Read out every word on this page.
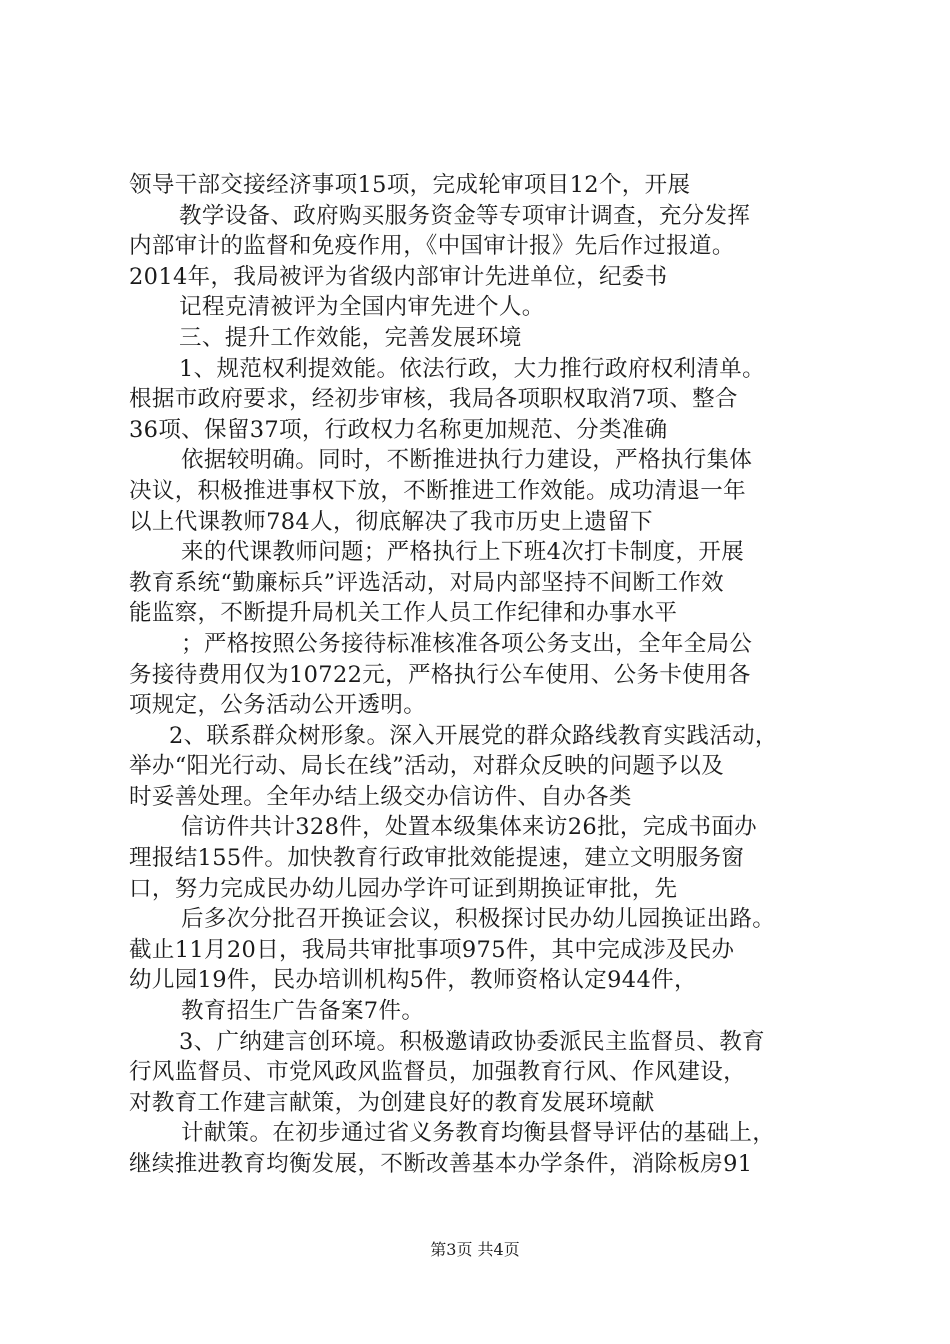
领导干部交接经济事项15项，完成轮审项目12个，开展
教学设备、政府购买服务资金等专项审计调查，充分发挥
内部审计的监督和免疫作用，《中国审计报》先后作过报道。
2014年，我局被评为省级内部审计先进单位，纪委书
记程克清被评为全国内审先进个人。
三、提升工作效能，完善发展环境
1、规范权利提效能。依法行政，大力推行政府权利清单。
根据市政府要求，经初步审核，我局各项职权取消7项、整合
36项、保留37项，行政权力名称更加规范、分类准确
依据较明确。同时，不断推进执行力建设，严格执行集体
决议，积极推进事权下放，不断推进工作效能。成功清退一年
以上代课教师784人，彻底解决了我市历史上遗留下
来的代课教师问题；严格执行上下班4次打卡制度，开展
教育系统“勤廉标兵”评选活动，对局内部坚持不间断工作效
能监察，不断提升局机关工作人员工作纪律和办事水平
；严格按照公务接待标准核准各项公务支出，全年全局公
务接待费用仅为10722元，严格执行公车使用、公务卡使用各
项规定，公务活动公开透明。
2、联系群众树形象。深入开展党的群众路线教育实践活动，
举办“阳光行动、局长在线”活动，对群众反映的问题予以及
时妥善处理。全年办结上级交办信访件、自办各类
信访件共计328件，处置本级集体来访26批，完成书面办
理报结155件。加快教育行政审批效能提速，建立文明服务窗
口，努力完成民办幼儿园办学许可证到期换证审批，先
后多次分批召开换证会议，积极探讨民办幼儿园换证出路。
截止11月20日，我局共审批事项975件，其中完成涉及民办
幼儿园19件，民办培训机构5件，教师资格认定944件，
教育招生广告备案7件。
3、广纳建言创环境。积极邀请政协委派民主监督员、教育
行风监督员、市党风政风监督员，加强教育行风、作风建设，
对教育工作建言献策，为创建良好的教育发展环境献
计献策。在初步通过省义务教育均衡县督导评估的基础上，
继续推进教育均衡发展，不断改善基本办学条件，消除板房91
第3页 共4页
